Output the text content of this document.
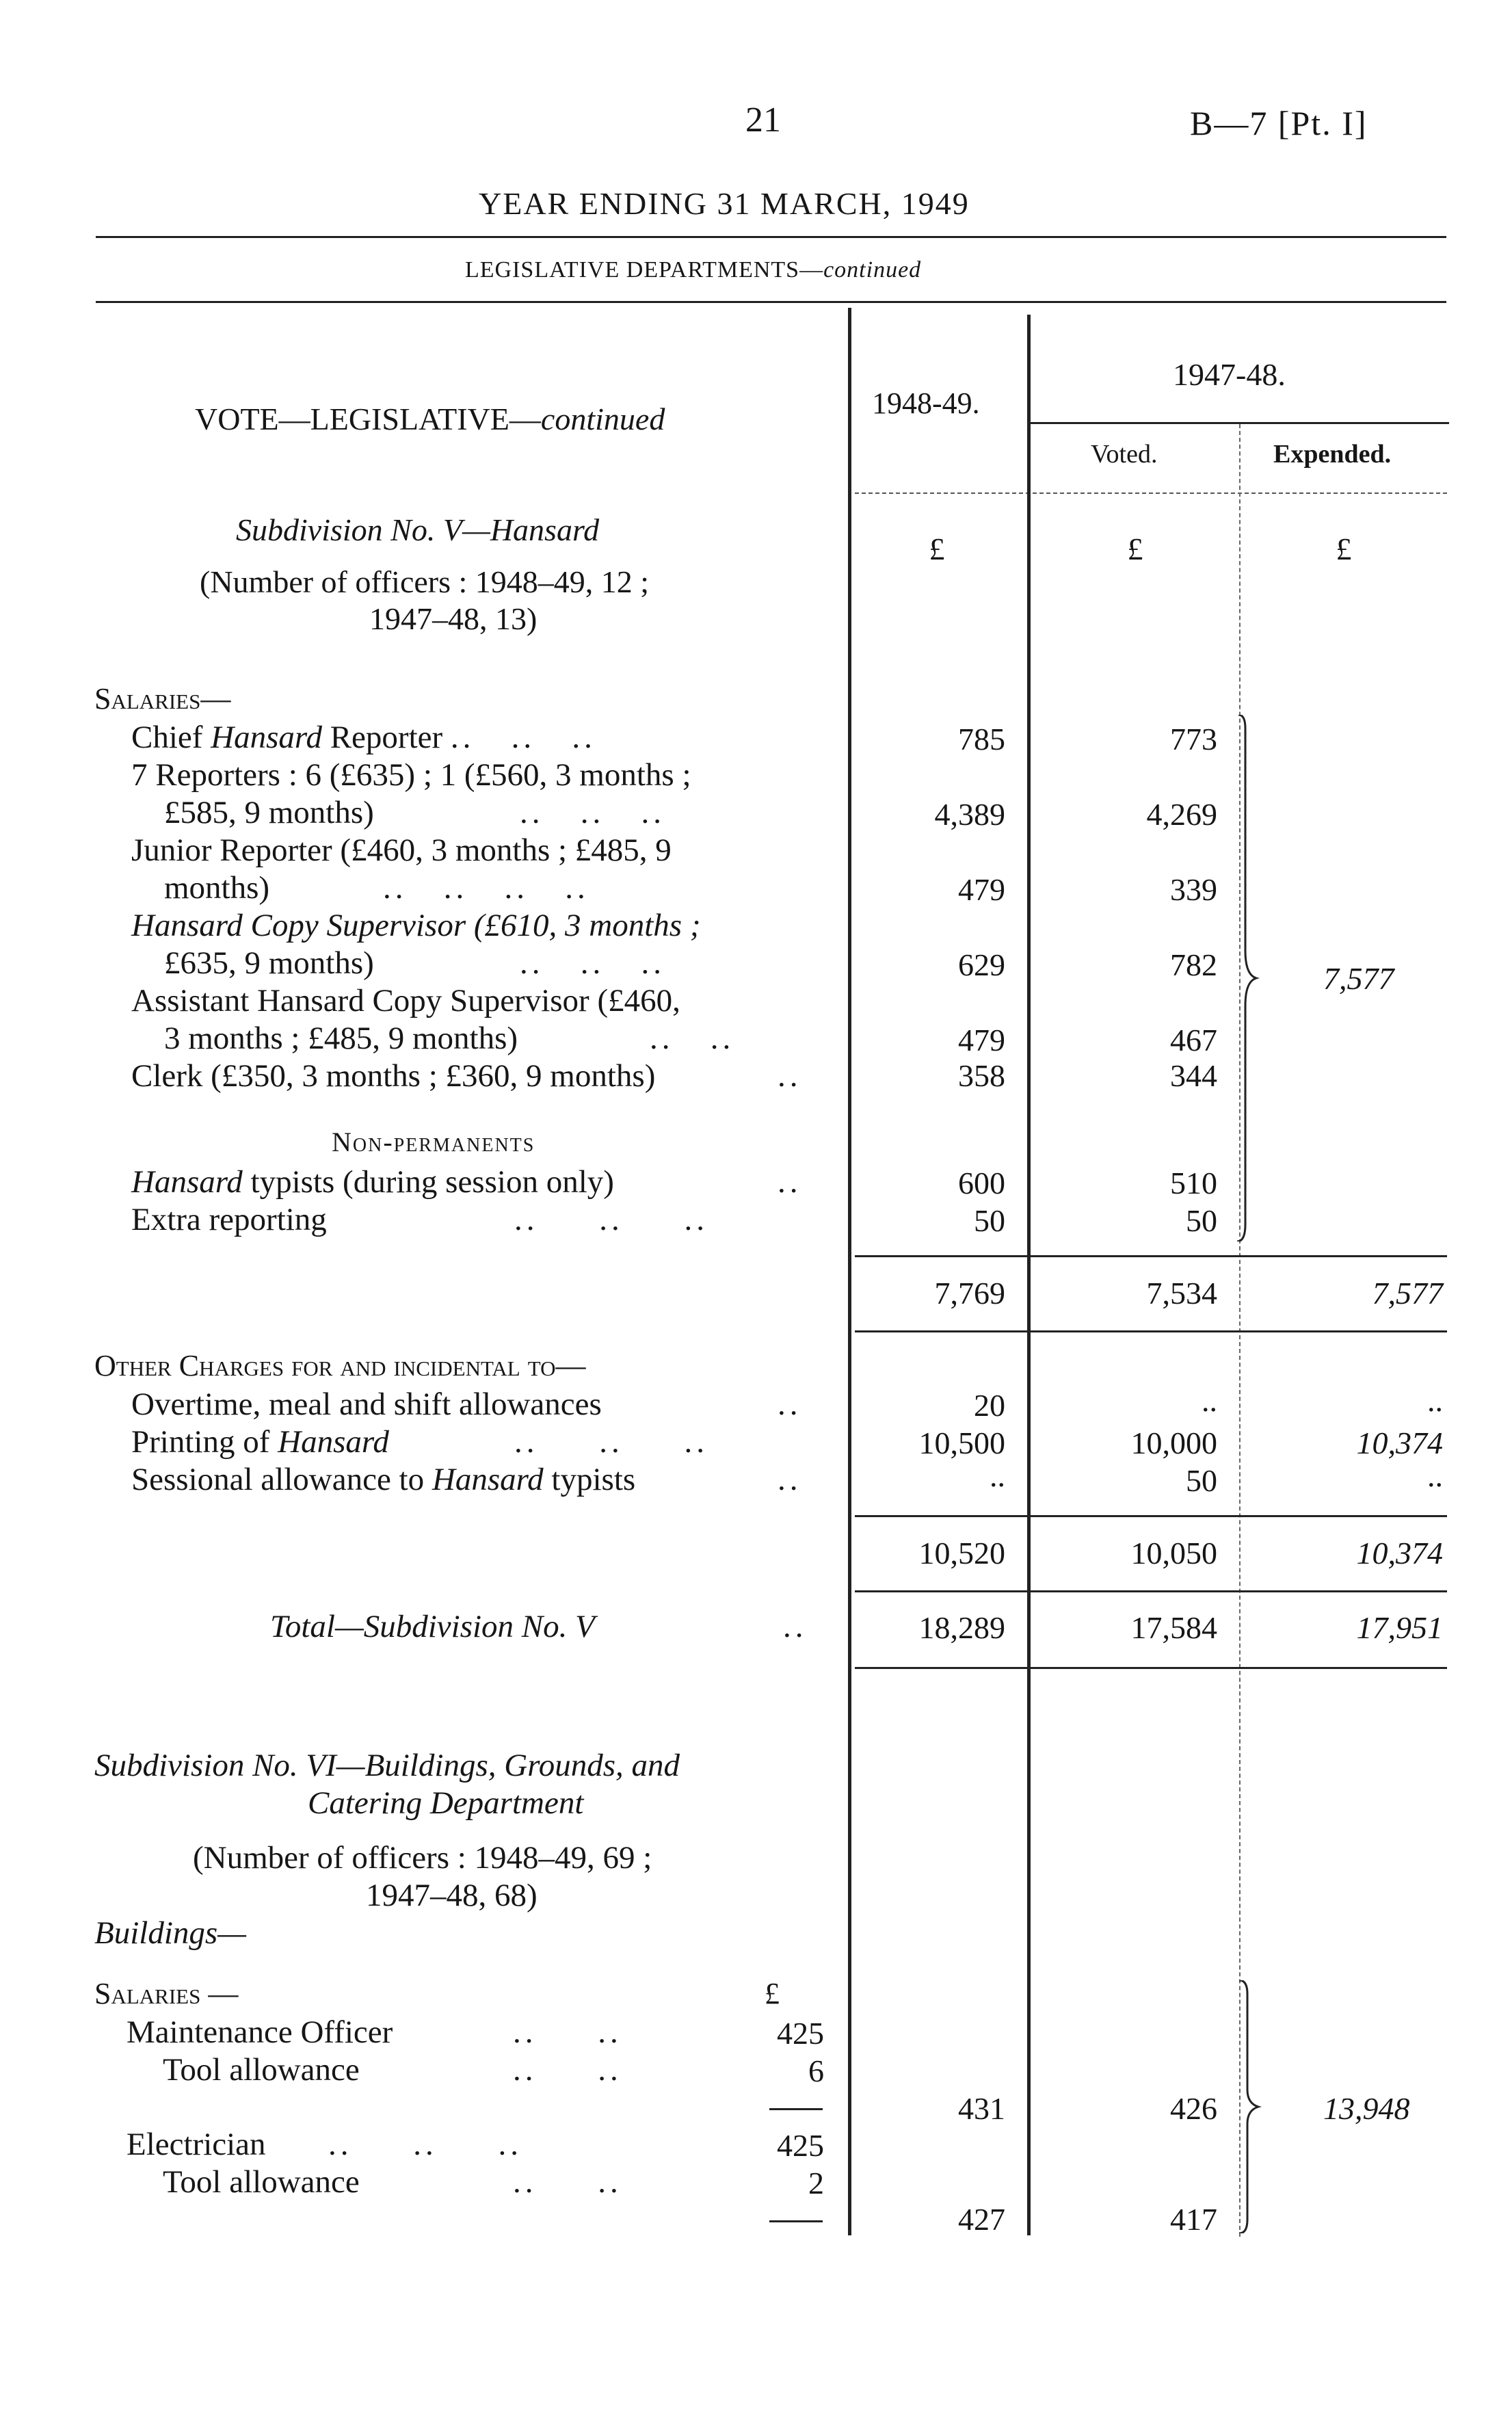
21	B—7 [Pt. I]
YEAR ENDING 31 MARCH, 1949
LEGISLATIVE DEPARTMENTS—continued
VOTE—LEGISLATIVE—continued	1948-49.
1947-48.
Voted.	Expended.
£	£	£
Subdivision No. V—Hansard
(Number of officers : 1948–49, 12 ;
1947–48, 13)
Salaries—
Chief Hansard Reporter ..   ..   ..	785	773
7 Reporters : 6 (£635) ; 1 (£560, 3 months ;
£585, 9 months)	..   ..   ..	4,389	4,269
Junior Reporter (£460, 3 months ; £485, 9
months)	..   ..   ..   ..	479	339
Hansard Copy Supervisor (£610, 3 months ;
£635, 9 months)	..   ..   ..	629	782
Assistant Hansard Copy Supervisor (£460,
3 months ; £485, 9 months)	..   ..	479	467
Clerk (£350, 3 months ; £360, 9 months)	..	358	344
Non-permanents
Hansard typists (during session only)	..	600	510
Extra reporting	..     ..     ..	50	50
7,577
7,769	7,534	7,577
Other Charges for and incidental to—
Overtime, meal and shift allowances	..	20	..	..
Printing of Hansard	..     ..     ..	10,500	10,000	10,374
Sessional allowance to Hansard typists	..	..	50	..
10,520	10,050	10,374
Total—Subdivision No. V	..	18,289	17,584	17,951
Subdivision No. VI—Buildings, Grounds, and
Catering Department
(Number of officers : 1948–49, 69 ;
1947–48, 68)
Buildings—
Salaries —	£
Maintenance Officer	..     ..	425
Tool allowance	..     ..	6
431	426
Electrician ..     ..     ..	425
Tool allowance	..     ..	2
427	417
13,948
